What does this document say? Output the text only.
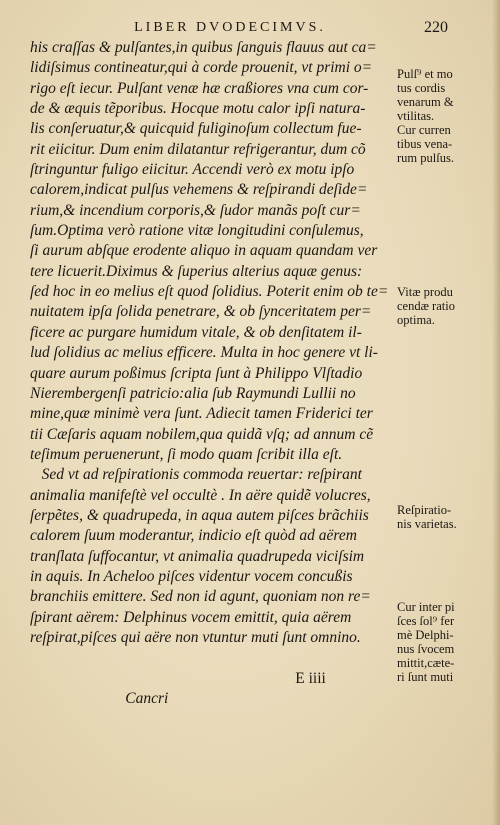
LIBER DVODECIMVS.	220
his craſſas & pulſantes,in quibus ſanguis flauus aut ca=
lidiſsimus contineatur,qui à corde prouenit, vt primi o=
rigo eſt iecur. Pulſant venæ hæ craßiores vna cum cor-
de & æquis tẽporibus. Hocque motu calor ipſi natura-
lis conſeruatur,& quicquid fuliginoſum collectum fue-
rit eiicitur. Dum enim dilatantur refrigerantur, dum cõ
ſtringuntur fuligo eiicitur. Accendi verò ex motu ipſo
calorem,indicat pulſus vehemens & reſpirandi deſide=
rium,& incendium corporis,& ſudor manãs poſt cur=
ſum.Optima verò ratione vitæ longitudini conſulemus,
ſi aurum abſque erodente aliquo in aquam quandam ver
tere licuerit.Diximus & ſuperius alterius aquæ genus:
ſed hoc in eo melius eſt quod ſolidius. Poterit enim ob te=
nuitatem ipſa ſolida penetrare, & ob ſynceritatem per=
ficere ac purgare humidum vitale, & ob denſitatem il-
lud ſolidius ac melius efficere. Multa in hoc genere vt li-
quare aurum poßimus ſcripta ſunt à Philippo Vlſtadio
Nierembergenſi patricio:alia ſub Raymundi Lullii no
mine,quæ minimè vera ſunt. Adiecit tamen Friderici ter
tii Cæſaris aquam nobilem,qua quidã vſq; ad annum cẽ
teſimum peruenerunt, ſi modo quam ſcribit illa eſt.
Sed vt ad reſpirationis commoda reuertar: reſpirant
animalia manifeſtè vel occultè . In aëre quidẽ volucres,
ſerpẽtes, & quadrupeda, in aqua autem piſces brãchiis
calorem ſuum moderantur, indicio eſt quòd ad aërem
tranſlata ſuffocantur, vt animalia quadrupeda viciſsim
in aquis. In Acheloo piſces videntur vocem concußis
branchiis emittere. Sed non id agunt, quoniam non re=
ſpirant aërem: Delphinus vocem emittit, quia aërem
reſpirat,piſces qui aëre non vtuntur muti ſunt omnino.

E iiii
Cancri

Pulſ⁹ et mo
tus cordis
venarum &
vtilitas.
Cur curren
tibus vena-
rum pulſus.
Vitæ produ
cendæ ratio
optima.
Reſpiratio-
nis varietas.
Cur inter pi
ſces ſol⁹ fer
mè Delphi-
nus ſvocem
mittit,cæte-
ri ſunt muti
